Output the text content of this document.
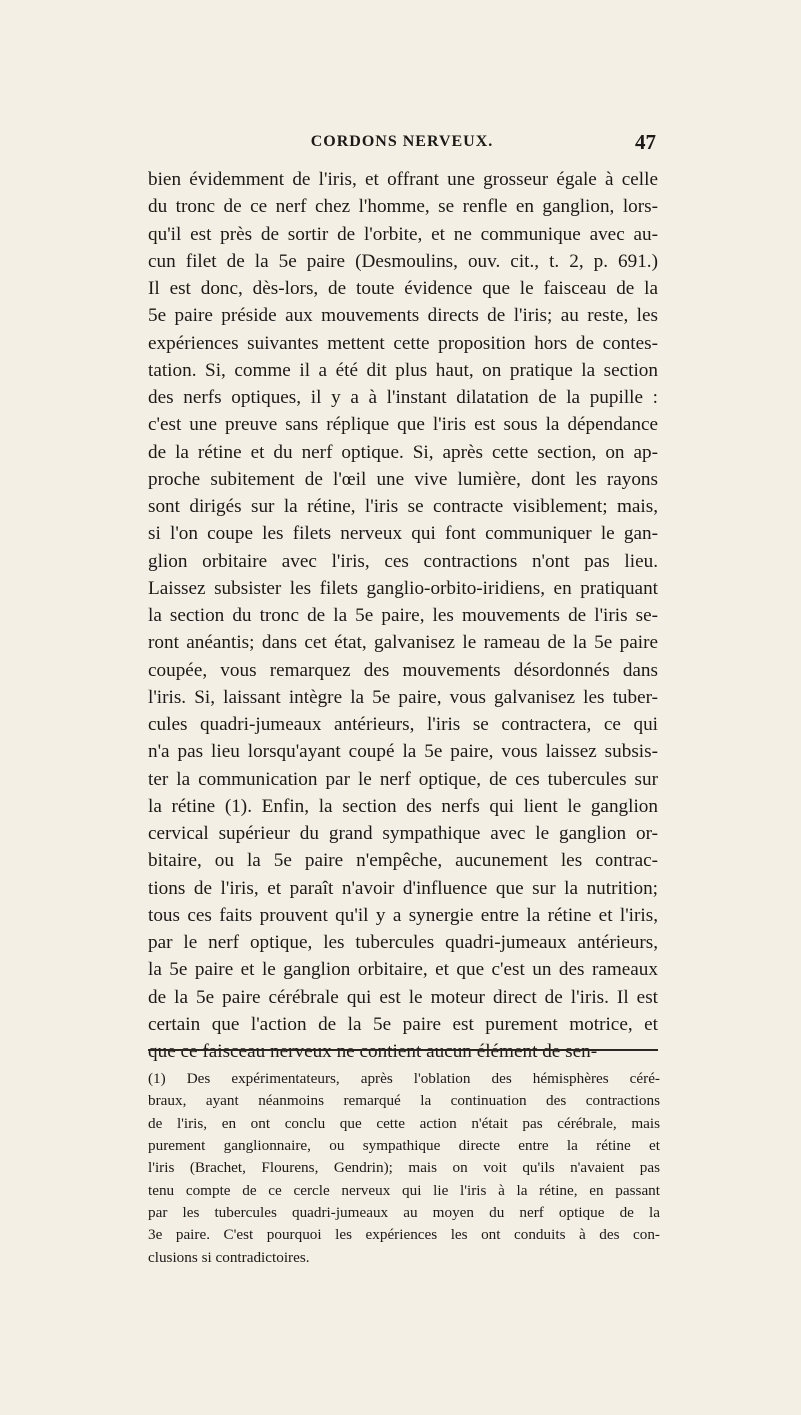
CORDONS NERVEUX.	47
bien évidemment de l'iris, et offrant une grosseur égale à celle
du tronc de ce nerf chez l'homme, se renfle en ganglion, lors-
qu'il est près de sortir de l'orbite, et ne communique avec au-
cun filet de la 5e paire (Desmoulins, ouv. cit., t. 2, p. 691.)
Il est donc, dès-lors, de toute évidence que le faisceau de la
5e paire préside aux mouvements directs de l'iris; au reste, les
expériences suivantes mettent cette proposition hors de contes-
tation. Si, comme il a été dit plus haut, on pratique la section
des nerfs optiques, il y a à l'instant dilatation de la pupille :
c'est une preuve sans réplique que l'iris est sous la dépendance
de la rétine et du nerf optique. Si, après cette section, on ap-
proche subitement de l'œil une vive lumière, dont les rayons
sont dirigés sur la rétine, l'iris se contracte visiblement; mais,
si l'on coupe les filets nerveux qui font communiquer le gan-
glion orbitaire avec l'iris, ces contractions n'ont pas lieu.
Laissez subsister les filets ganglio-orbito-iridiens, en pratiquant
la section du tronc de la 5e paire, les mouvements de l'iris se-
ront anéantis; dans cet état, galvanisez le rameau de la 5e paire
coupée, vous remarquez des mouvements désordonnés dans
l'iris. Si, laissant intègre la 5e paire, vous galvanisez les tuber-
cules quadri-jumeaux antérieurs, l'iris se contractera, ce qui
n'a pas lieu lorsqu'ayant coupé la 5e paire, vous laissez subsis-
ter la communication par le nerf optique, de ces tubercules sur
la rétine (1). Enfin, la section des nerfs qui lient le ganglion
cervical supérieur du grand sympathique avec le ganglion or-
bitaire, ou la 5e paire n'empêche, aucunement les contrac-
tions de l'iris, et paraît n'avoir d'influence que sur la nutrition;
tous ces faits prouvent qu'il y a synergie entre la rétine et l'iris,
par le nerf optique, les tubercules quadri-jumeaux antérieurs,
la 5e paire et le ganglion orbitaire, et que c'est un des rameaux
de la 5e paire cérébrale qui est le moteur direct de l'iris. Il est
certain que l'action de la 5e paire est purement motrice, et
que ce faisceau nerveux ne contient aucun élément de sen-
(1) Des expérimentateurs, après l'oblation des hémisphères céré-
braux, ayant néanmoins remarqué la continuation des contractions
de l'iris, en ont conclu que cette action n'était pas cérébrale, mais
purement ganglionnaire, ou sympathique directe entre la rétine et
l'iris (Brachet, Flourens, Gendrin); mais on voit qu'ils n'avaient pas
tenu compte de ce cercle nerveux qui lie l'iris à la rétine, en passant
par les tubercules quadri-jumeaux au moyen du nerf optique de la
3e paire. C'est pourquoi les expériences les ont conduits à des con-
clusions si contradictoires.
